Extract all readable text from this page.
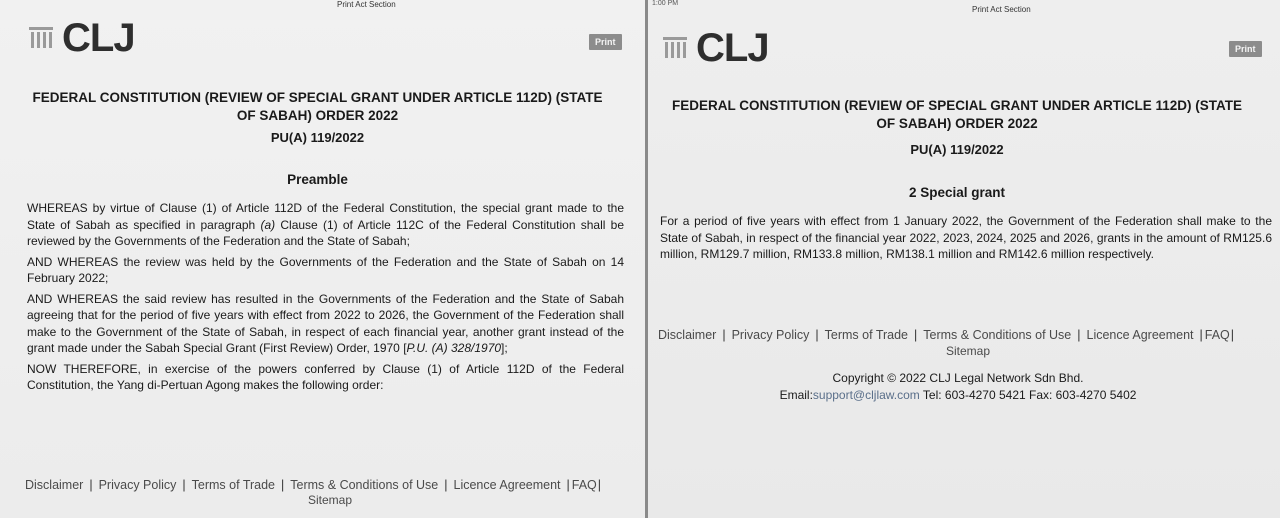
Print Act Section
CLJ	Print
FEDERAL CONSTITUTION (REVIEW OF SPECIAL GRANT UNDER ARTICLE 112D) (STATE
OF SABAH) ORDER 2022
PU(A) 119/2022
Preamble

WHEREAS by virtue of Clause (1) of Article 112D of the Federal Constitution, the special grant made to the State of Sabah as specified in paragraph (a) Clause (1) of Article 112C of the Federal Constitution shall be reviewed by the Governments of the Federation and the State of Sabah;

AND WHEREAS the review was held by the Governments of the Federation and the State of Sabah on 14 February 2022;

AND WHEREAS the said review has resulted in the Governments of the Federation and the State of Sabah agreeing that for the period of five years with effect from 2022 to 2026, the Government of the Federation shall make to the Government of the State of Sabah, in respect of each financial year, another grant instead of the grant made under the Sabah Special Grant (First Review) Order, 1970 [P.U. (A) 328/1970];

NOW THEREFORE, in exercise of the powers conferred by Clause (1) of Article 112D of the Federal Constitution, the Yang di-Pertuan Agong makes the following order:

Disclaimer | Privacy Policy | Terms of Trade | Terms & Conditions of Use | Licence Agreement | FAQ |
Sitemap
1:00 PM
Print Act Section
CLJ	Print
FEDERAL CONSTITUTION (REVIEW OF SPECIAL GRANT UNDER ARTICLE 112D) (STATE
OF SABAH) ORDER 2022
PU(A) 119/2022
2 Special grant

For a period of five years with effect from 1 January 2022, the Government of the Federation shall make to the State of Sabah, in respect of the financial year 2022, 2023, 2024, 2025 and 2026, grants in the amount of RM125.6 million, RM129.7 million, RM133.8 million, RM138.1 million and RM142.6 million respectively.

Disclaimer | Privacy Policy | Terms of Trade | Terms & Conditions of Use | Licence Agreement | FAQ |
Sitemap
Copyright © 2022 CLJ Legal Network Sdn Bhd.
Email:support@cljlaw.com Tel: 603-4270 5421 Fax: 603-4270 5402
